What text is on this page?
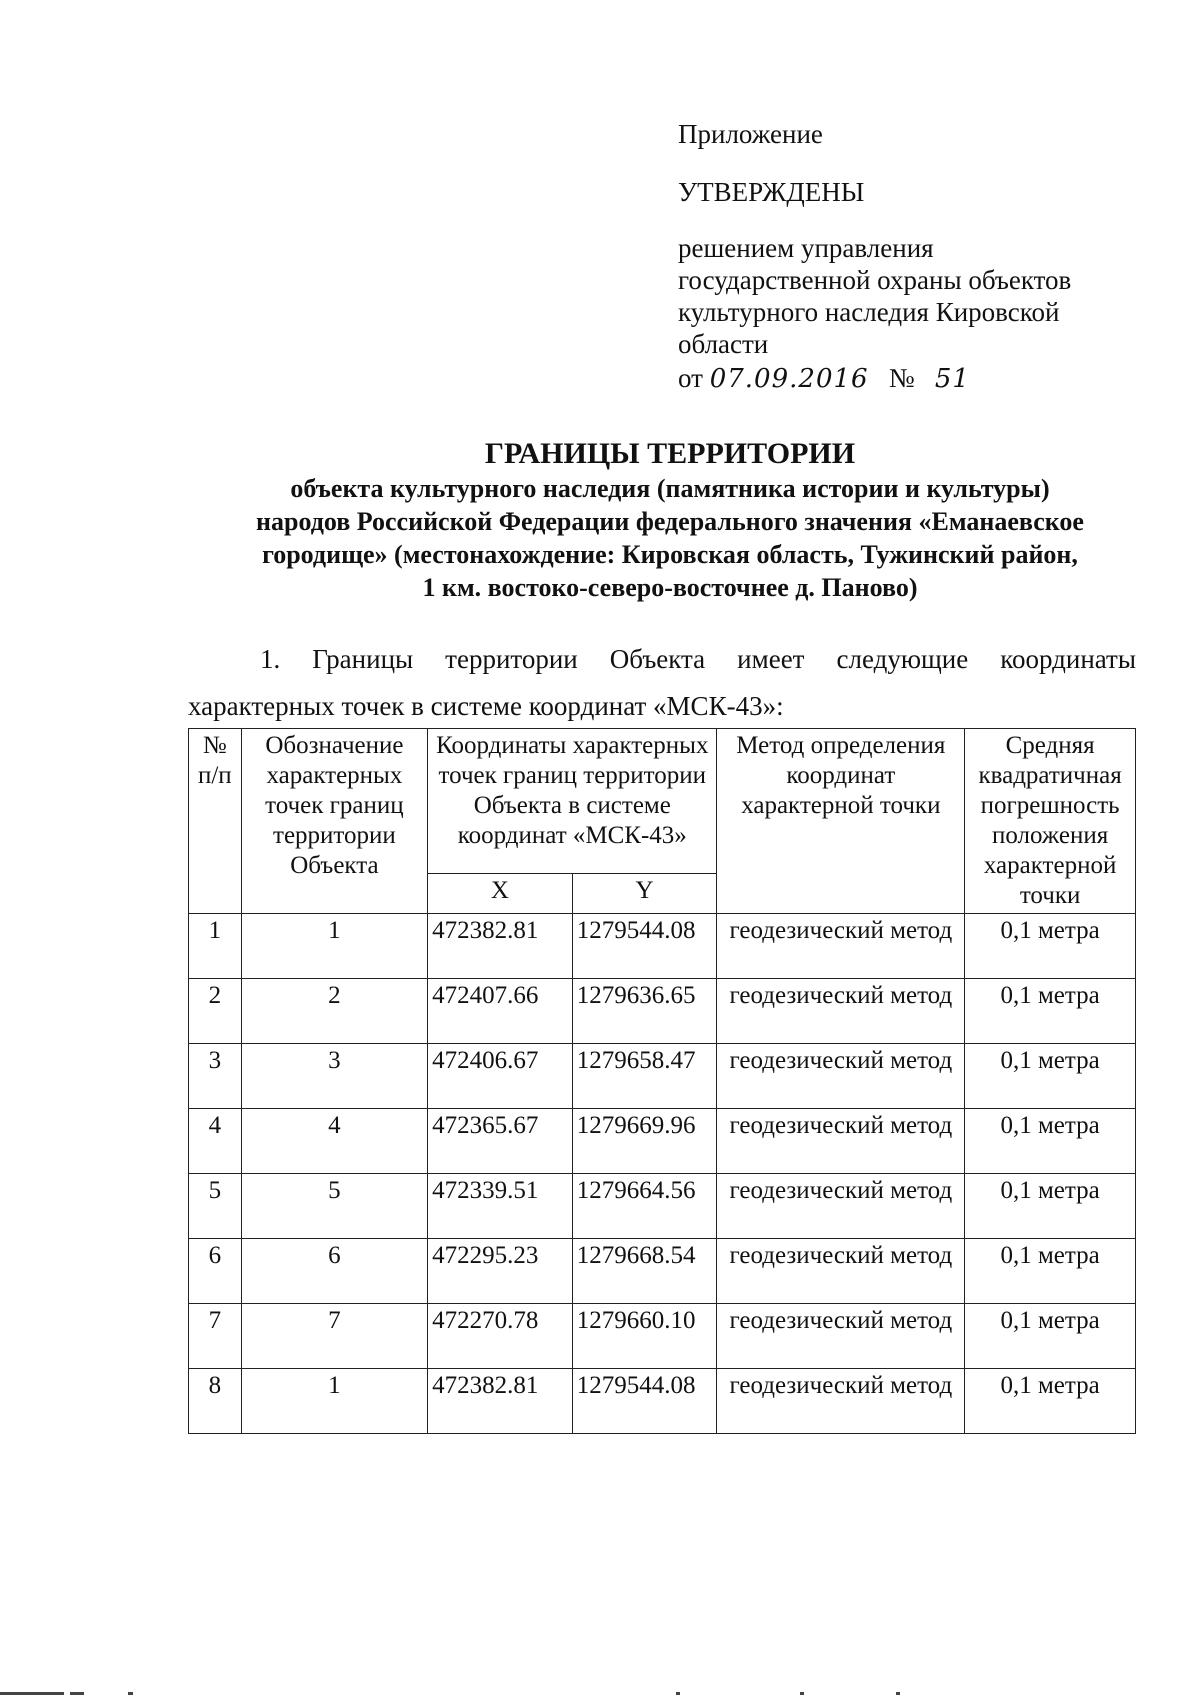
Приложение
УТВЕРЖДЕНЫ
решением управления
государственной охраны объектов
культурного наследия Кировской
области
от 07.09.2016 № 51
ГРАНИЦЫ ТЕРРИТОРИИ
объекта культурного наследия (памятника истории и культуры)
народов Российской Федерации федерального значения «Еманаевское
городище» (местонахождение: Кировская область, Тужинский район,
1 км. востоко-северо-восточнее д. Паново)
1. Границы территории Объекта имеет следующие координаты
характерных точек в системе координат «МСК-43»:
№ п/п	Обозначение характерных точек границ территории Объекта	Координаты характерных точек границ территории Объекта в системе координат «МСК-43»		Метод определения координат характерной точки	Средняя квадратичная погрешность положения характерной точки
		X	Y		
1	1	472382.81	1279544.08	геодезический метод	0,1 метра
2	2	472407.66	1279636.65	геодезический метод	0,1 метра
3	3	472406.67	1279658.47	геодезический метод	0,1 метра
4	4	472365.67	1279669.96	геодезический метод	0,1 метра
5	5	472339.51	1279664.56	геодезический метод	0,1 метра
6	6	472295.23	1279668.54	геодезический метод	0,1 метра
7	7	472270.78	1279660.10	геодезический метод	0,1 метра
8	1	472382.81	1279544.08	геодезический метод	0,1 метра
